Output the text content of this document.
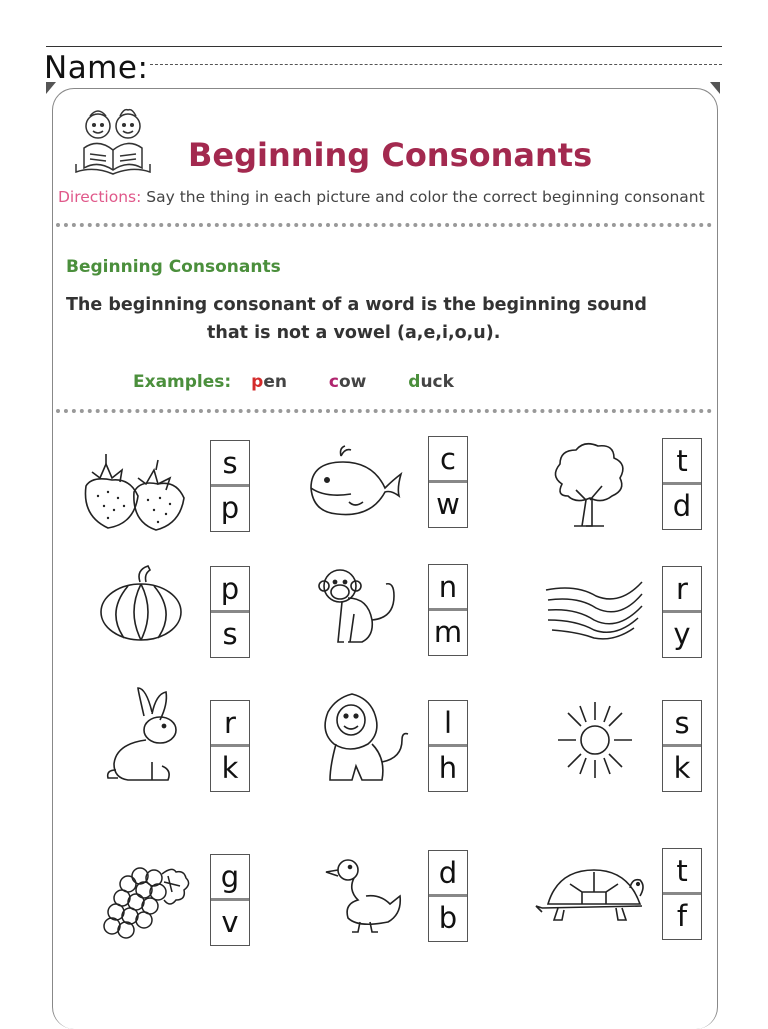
Name:
Beginning Consonants
Directions: Say the thing in each picture and color the correct beginning consonant
Beginning Consonants
The beginning consonant of a word is the beginning sound
that is not a vowel (a,e,i,o,u).
Examples: pen cow duck
s
p
c
w
t
d
p
s
n
m
r
y
r
k
l
h
s
k
g
v
d
b
t
f
